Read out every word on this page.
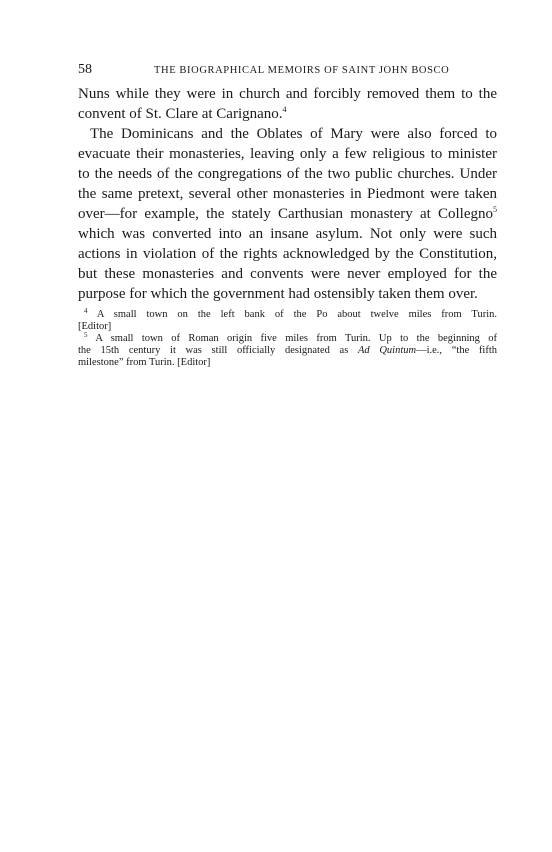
58	THE BIOGRAPHICAL MEMOIRS OF SAINT JOHN BOSCO
Nuns while they were in church and forcibly removed them to the
convent of St. Clare at Carignano.$^4$
The Dominicans and the Oblates of Mary were also forced to
evacuate their monasteries, leaving only a few religious to minister
to the needs of the congregations of the two public churches. Under
the same pretext, several other monasteries in Piedmont were taken
over—for example, the stately Carthusian monastery at Collegno$^5$
which was converted into an insane asylum. Not only were such
actions in violation of the rights acknowledged by the Constitution,
but these monasteries and convents were never employed for the
purpose for which the government had ostensibly taken them over.
$^4$ A small town on the left bank of the Po about twelve miles from Turin.
[Editor]
$^5$ A small town of Roman origin five miles from Turin. Up to the beginning of
the 15th century it was still officially designated as Ad Quintum—i.e., “the fifth
milestone” from Turin. [Editor]
